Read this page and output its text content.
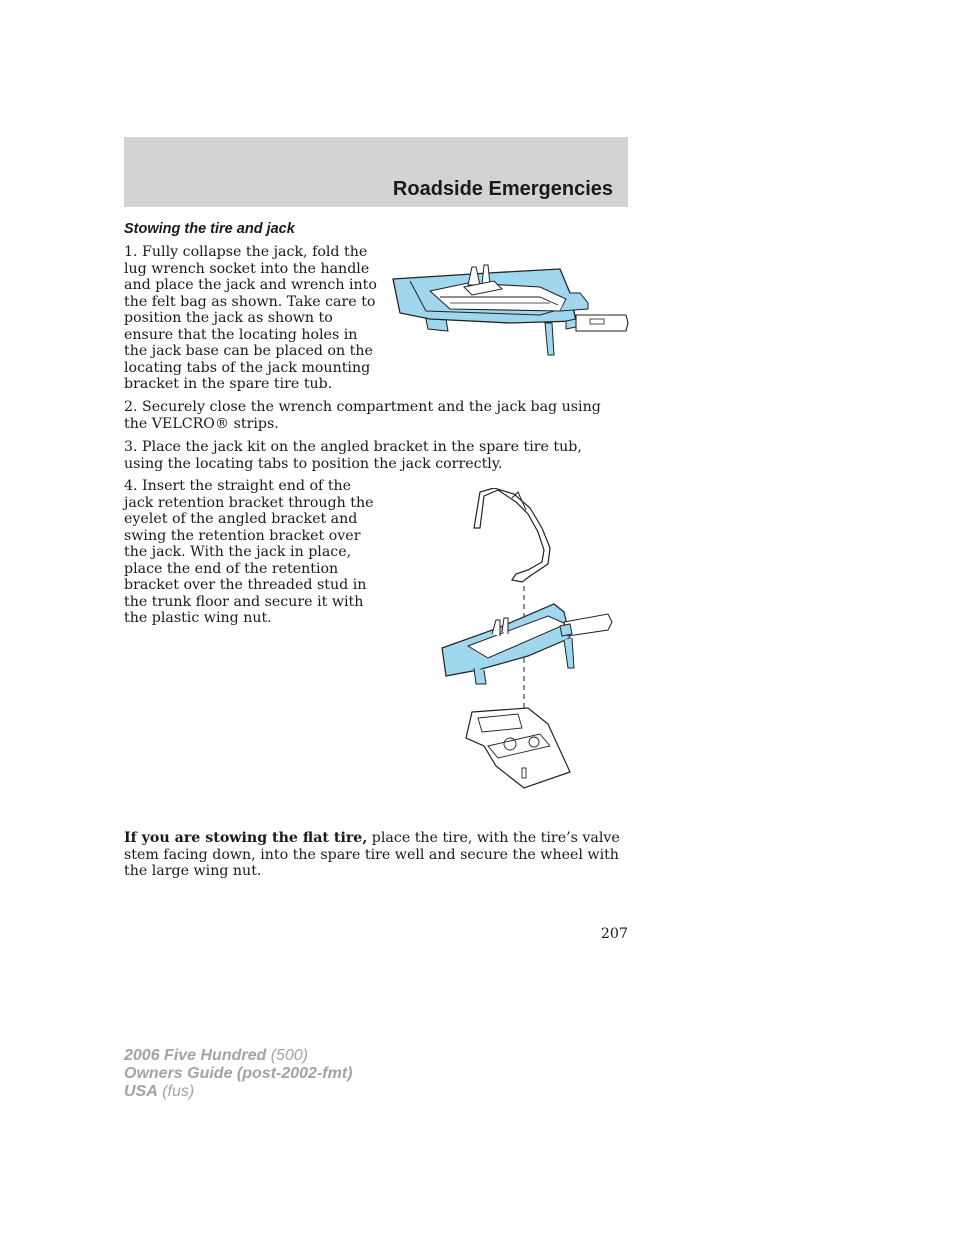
Roadside Emergencies
Stowing the tire and jack

1. Fully collapse the jack, fold the lug wrench socket into the handle and place the jack and wrench into the felt bag as shown. Take care to position the jack as shown to ensure that the locating holes in the jack base can be placed on the locating tabs of the jack mounting bracket in the spare tire tub.

2. Securely close the wrench compartment and the jack bag using the VELCRO® strips.

3. Place the jack kit on the angled bracket in the spare tire tub, using the locating tabs to position the jack correctly.

4. Insert the straight end of the jack retention bracket through the eyelet of the angled bracket and swing the retention bracket over the jack. With the jack in place, place the end of the retention bracket over the threaded stud in the trunk floor and secure it with the plastic wing nut.

If you are stowing the flat tire, place the tire, with the tire’s valve stem facing down, into the spare tire well and secure the wheel with the large wing nut.

207
2006 Five Hundred (500)
Owners Guide (post-2002-fmt)
USA (fus)
